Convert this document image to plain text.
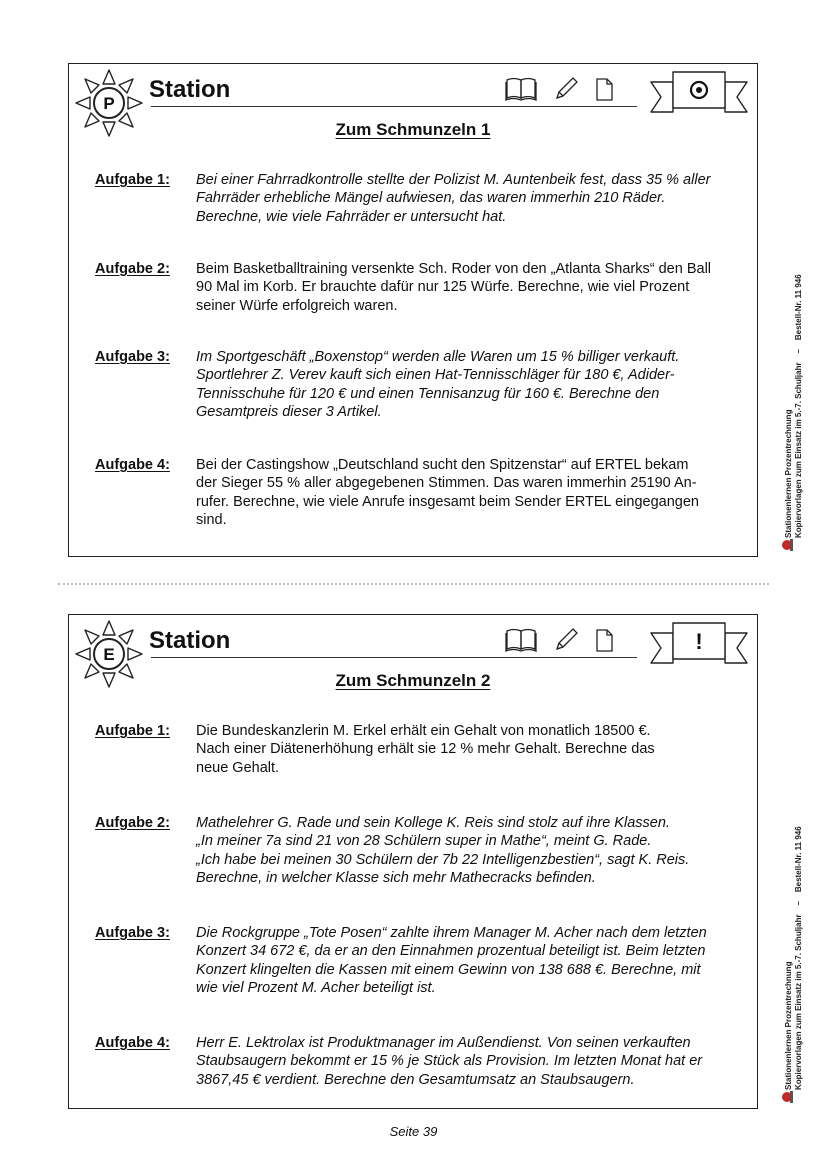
P
Station
Zum Schmunzeln 1
Aufgabe 1: Bei einer Fahrradkontrolle stellte der Polizist M. Auntenbeik fest, dass 35 % aller
Fahrräder erhebliche Mängel aufwiesen, das waren immerhin 210 Räder.
Berechne, wie viele Fahrräder er untersucht hat.
Aufgabe 2: Beim Basketballtraining versenkte Sch. Roder von den „Atlanta Sharks“ den Ball
90 Mal im Korb. Er brauchte dafür nur 125 Würfe. Berechne, wie viel Prozent
seiner Würfe erfolgreich waren.
Aufgabe 3: Im Sportgeschäft „Boxenstop“ werden alle Waren um 15 % billiger verkauft.
Sportlehrer Z. Verev kauft sich einen Hat-Tennisschläger für 180 €, Adider-
Tennisschuhe für 120 € und einen Tennisanzug für 160 €. Berechne den
Gesamtpreis dieser 3 Artikel.
Aufgabe 4: Bei der Castingshow „Deutschland sucht den Spitzenstar“ auf ERTEL bekam
der Sieger 55 % aller abgegebenen Stimmen. Das waren immerhin 25190 An-
rufer. Berechne, wie viele Anrufe insgesamt beim Sender ERTEL eingegangen
sind.
E
Station	!
Zum Schmunzeln 2
Aufgabe 1: Die Bundeskanzlerin M. Erkel erhält ein Gehalt von monatlich 18500 €.
Nach einer Diätenerhöhung erhält sie 12 % mehr Gehalt. Berechne das
neue Gehalt.
Aufgabe 2: Mathelehrer G. Rade und sein Kollege K. Reis sind stolz auf ihre Klassen.
„In meiner 7a sind 21 von 28 Schülern super in Mathe“, meint G. Rade.
„Ich habe bei meinen 30 Schülern der 7b 22 Intelligenzbestien“, sagt K. Reis.
Berechne, in welcher Klasse sich mehr Mathecracks befinden.
Aufgabe 3: Die Rockgruppe „Tote Posen“ zahlte ihrem Manager M. Acher nach dem letzten
Konzert 34 672 €, da er an den Einnahmen prozentual beteiligt ist. Beim letzten
Konzert klingelten die Kassen mit einem Gewinn von 138 688 €. Berechne, mit
wie viel Prozent M. Acher beteiligt ist.
Aufgabe 4: Herr E. Lektrolax ist Produktmanager im Außendienst. Von seinen verkauften
Staubsaugern bekommt er 15 % je Stück als Provision. Im letzten Monat hat er
3867,45 € verdient. Berechne den Gesamtumsatz an Staubsaugern.
Stationenlernen Prozentrechnung Kopiervorlagen zum Einsatz im 5.-7. Schuljahr    –    Bestell-Nr. 11 946
Stationenlernen Prozentrechnung Kopiervorlagen zum Einsatz im 5.-7. Schuljahr    –    Bestell-Nr. 11 946
Seite 39
